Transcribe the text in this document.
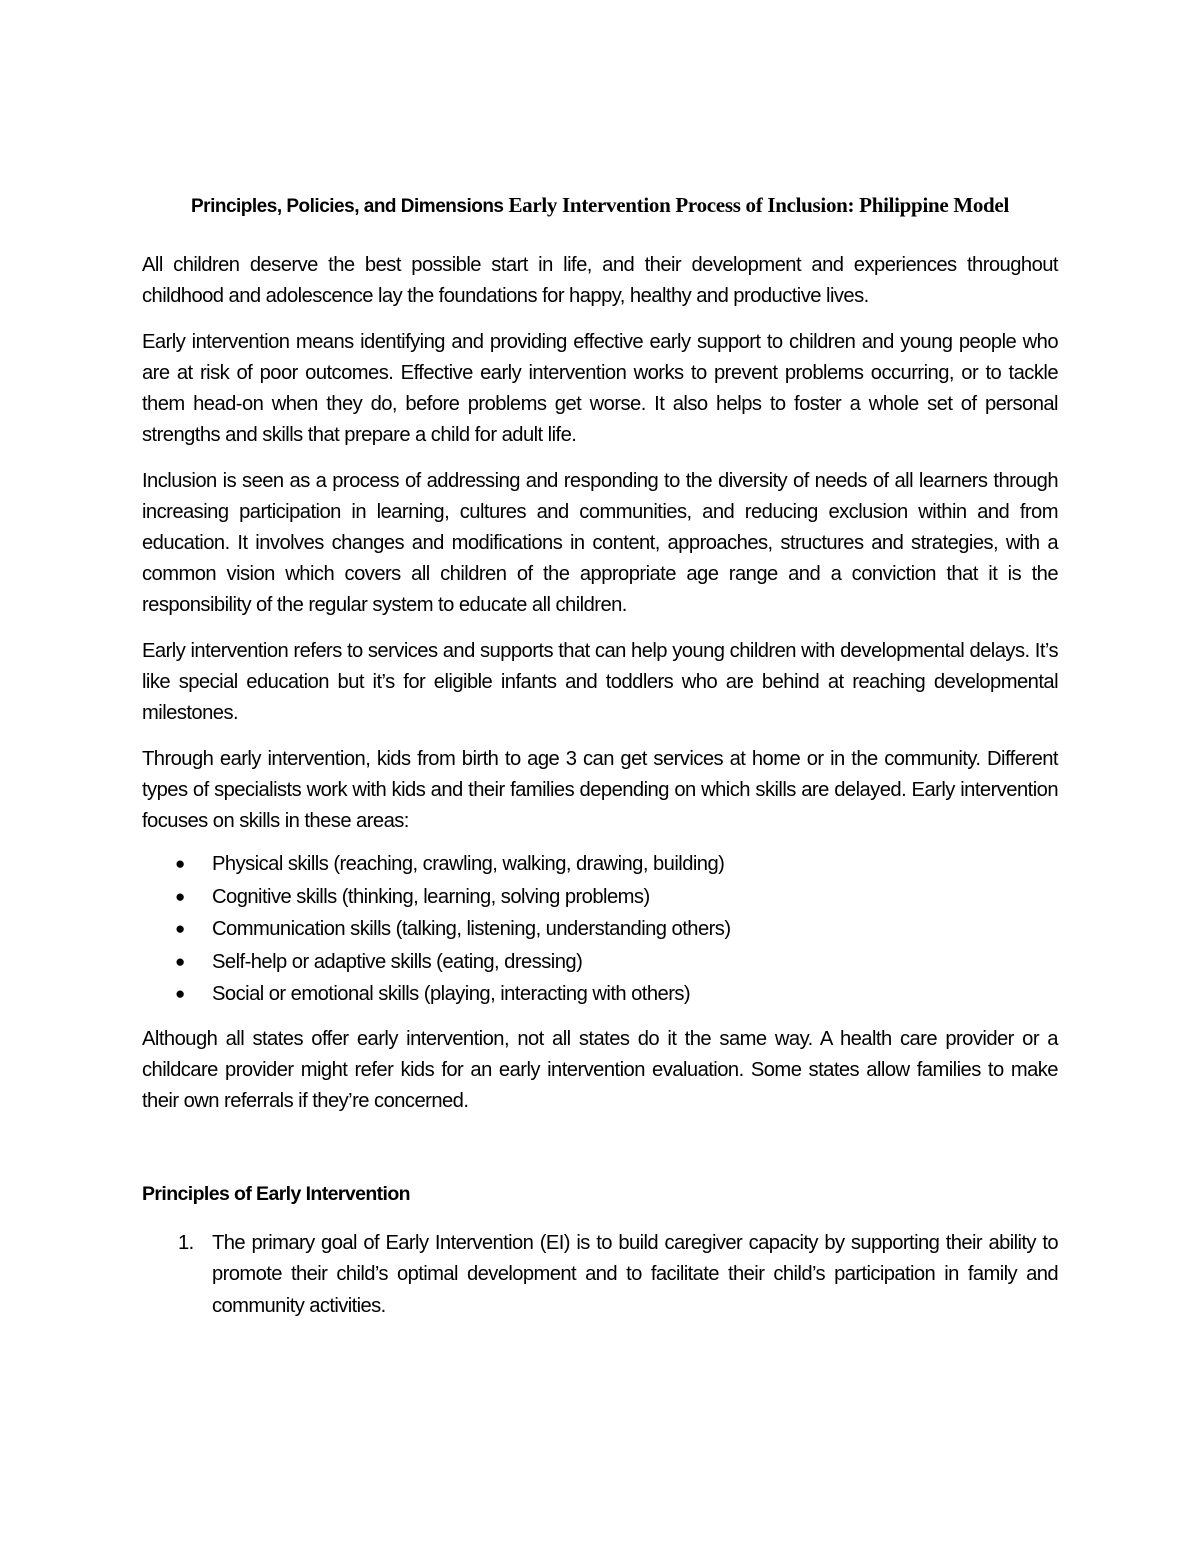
Principles, Policies, and Dimensions Early Intervention Process of Inclusion: Philippine Model

All children deserve the best possible start in life, and their development and experiences throughout childhood and adolescence lay the foundations for happy, healthy and productive lives.

Early intervention means identifying and providing effective early support to children and young people who are at risk of poor outcomes. Effective early intervention works to prevent problems occurring, or to tackle them head-on when they do, before problems get worse. It also helps to foster a whole set of personal strengths and skills that prepare a child for adult life.

Inclusion is seen as a process of addressing and responding to the diversity of needs of all learners through increasing participation in learning, cultures and communities, and reducing exclusion within and from education. It involves changes and modifications in content, approaches, structures and strategies, with a common vision which covers all children of the appropriate age range and a conviction that it is the responsibility of the regular system to educate all children.

Early intervention refers to services and supports that can help young children with developmental delays. It’s like special education but it’s for eligible infants and toddlers who are behind at reaching developmental milestones.

Through early intervention, kids from birth to age 3 can get services at home or in the community. Different types of specialists work with kids and their families depending on which skills are delayed. Early intervention focuses on skills in these areas:

● Physical skills (reaching, crawling, walking, drawing, building)
● Cognitive skills (thinking, learning, solving problems)
● Communication skills (talking, listening, understanding others)
● Self-help or adaptive skills (eating, dressing)
● Social or emotional skills (playing, interacting with others)

Although all states offer early intervention, not all states do it the same way. A health care provider or a childcare provider might refer kids for an early intervention evaluation. Some states allow families to make their own referrals if they’re concerned.

Principles of Early Intervention
1. The primary goal of Early Intervention (EI) is to build caregiver capacity by supporting their ability to promote their child’s optimal development and to facilitate their child’s participation in family and community activities.
